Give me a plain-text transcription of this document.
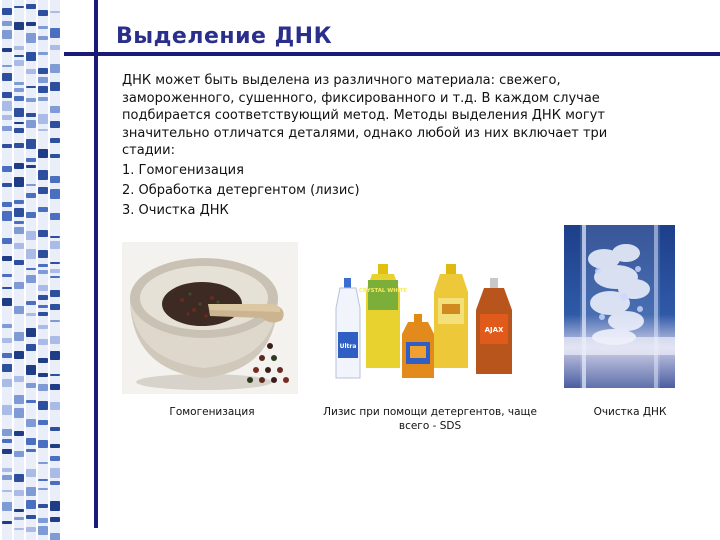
Выделение ДНК
ДНК может быть выделена из различного материала: свежего, замороженного, сушенного, фиксированного и т.д. В каждом случае подбирается соответствующий метод. Методы выделения ДНК могут значительно отличатся деталями, однако любой из них включает три стадии:
1. Гомогенизация
2. Обработка детергентом (лизис)
3. Очистка ДНК
Ultra
CRYSTAL WHITE
AJAX
Гомогенизация	Лизис при помощи детергентов, чаще всего - SDS
Очистка ДНК
